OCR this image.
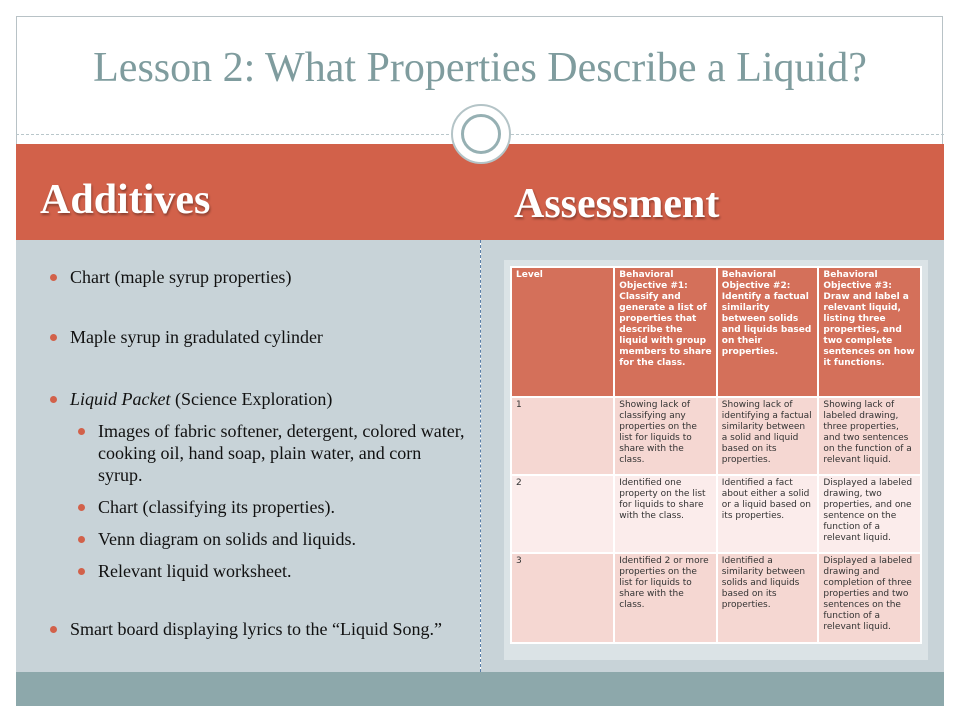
Lesson 2: What Properties Describe a Liquid?
Additives	Assessment
Chart (maple syrup properties)
Maple syrup in gradulated cylinder
Liquid Packet (Science Exploration)
Images of fabric softener, detergent, colored water, cooking oil, hand soap, plain water, and corn syrup.
Chart (classifying its properties).
Venn diagram on solids and liquids.
Relevant liquid worksheet.
Smart board displaying lyrics to the “Liquid Song.”
Level	Behavioral Objective #1: Classify and generate a list of properties that describe the liquid with group members to share for the class.	Behavioral Objective #2: Identify a factual similarity between solids and liquids based on their properties.	Behavioral Objective #3: Draw and label a relevant liquid, listing three properties, and two complete sentences on how it functions.
1	Showing lack of classifying any properties on the list for liquids to share with the class.	Showing lack of identifying a factual similarity between a solid and liquid based on its properties.	Showing lack of labeled drawing, three properties, and two sentences on the function of a relevant liquid.
2	Identified one property on the list for liquids to share with the class.	Identified a fact about either a solid or a liquid based on its properties.	Displayed a labeled drawing, two properties, and one sentence on the function of a relevant liquid.
3	Identified 2 or more properties on the list for liquids to share with the class.	Identified a similarity between solids and liquids based on its properties.	Displayed a labeled drawing and completion of three properties and two sentences on the function of a relevant liquid.
